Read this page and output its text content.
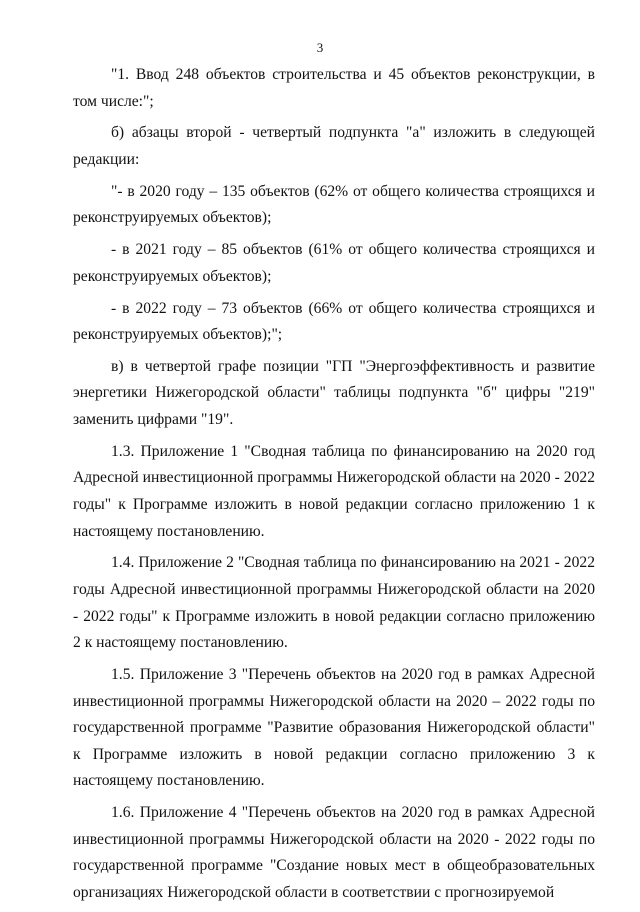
3

"1. Ввод 248 объектов строительства и 45 объектов реконструкции, в том числе:";

б) абзацы второй - четвертый подпункта "а" изложить в следующей редакции:

"- в 2020 году – 135 объектов (62% от общего количества строящихся и реконструируемых объектов);

- в 2021 году – 85 объектов (61% от общего количества строящихся и реконструируемых объектов);

- в 2022 году – 73 объектов (66% от общего количества строящихся и реконструируемых объектов);";

в) в четвертой графе позиции "ГП "Энергоэффективность и развитие энергетики Нижегородской области" таблицы подпункта "б" цифры "219" заменить цифрами "19".

1.3. Приложение 1 "Сводная таблица по финансированию на 2020 год Адресной инвестиционной программы Нижегородской области на 2020 - 2022 годы" к Программе изложить в новой редакции согласно приложению 1 к настоящему постановлению.

1.4. Приложение 2 "Сводная таблица по финансированию на 2021 - 2022 годы Адресной инвестиционной программы Нижегородской области на 2020 - 2022 годы" к Программе изложить в новой редакции согласно приложению 2 к настоящему постановлению.

1.5. Приложение 3 "Перечень объектов на 2020 год в рамках Адресной инвестиционной программы Нижегородской области на 2020 – 2022 годы по государственной программе "Развитие образования Нижегородской области" к Программе изложить в новой редакции согласно приложению 3 к настоящему постановлению.

1.6. Приложение 4 "Перечень объектов на 2020 год в рамках Адресной инвестиционной программы Нижегородской области на 2020 - 2022 годы по государственной программе "Создание новых мест в общеобразовательных организациях Нижегородской области в соответствии с прогнозируемой
